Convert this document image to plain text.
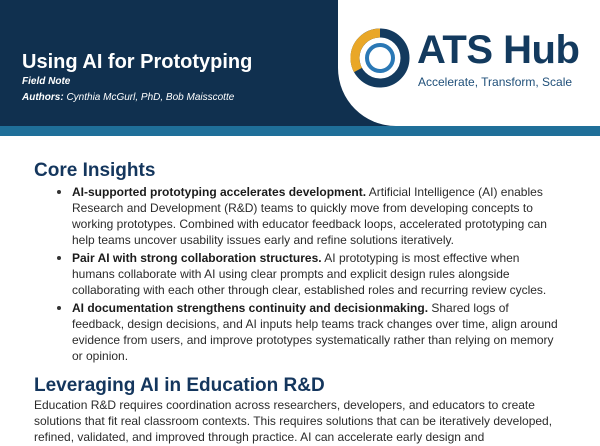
Using AI for Prototyping
Field Note
Authors: Cynthia McGurl, PhD, Bob Maisscotte
ATS Hub
Accelerate, Transform, Scale
Core Insights
AI-supported prototyping accelerates development. Artificial Intelligence (AI) enables Research and Development (R&D) teams to quickly move from developing concepts to working prototypes. Combined with educator feedback loops, accelerated prototyping can help teams uncover usability issues early and refine solutions iteratively.
Pair AI with strong collaboration structures. AI prototyping is most effective when humans collaborate with AI using clear prompts and explicit design rules alongside collaborating with each other through clear, established roles and recurring review cycles.
AI documentation strengthens continuity and decisionmaking. Shared logs of feedback, design decisions, and AI inputs help teams track changes over time, align around evidence from users, and improve prototypes systematically rather than relying on memory or opinion.
Leveraging AI in Education R&D

Education R&D requires coordination across researchers, developers, and educators to create solutions that fit real classroom contexts. This requires solutions that can be iteratively developed, refined, validated, and improved through practice. AI can accelerate early design and
